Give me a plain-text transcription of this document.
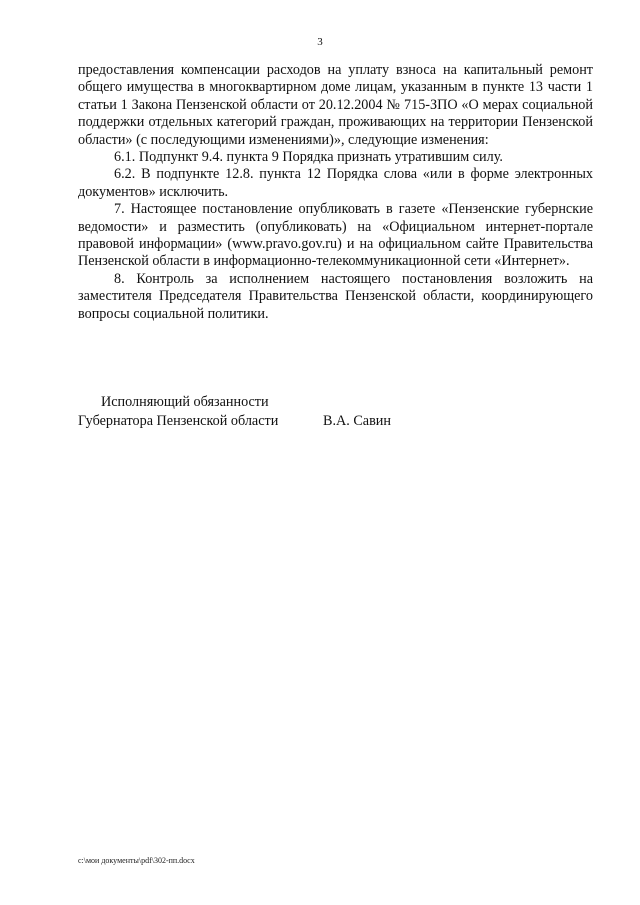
3

предоставления компенсации расходов на уплату взноса на капитальный ремонт общего имущества в многоквартирном доме лицам, указанным в пункте 13 части 1 статьи 1 Закона Пензенской области от 20.12.2004 № 715-ЗПО «О мерах социальной поддержки отдельных категорий граждан, проживающих на территории Пензенской области» (с последующими изменениями)», следующие изменения:

6.1. Подпункт 9.4. пункта 9 Порядка признать утратившим силу.

6.2. В подпункте 12.8. пункта 12 Порядка слова «или в форме электронных документов» исключить.

7. Настоящее постановление опубликовать в газете «Пензенские губернские ведомости» и разместить (опубликовать) на «Официальном интернет-портале правовой информации» (www.pravo.gov.ru) и на официальном сайте Правительства Пензенской области в информационно-телекоммуникационной сети «Интернет».

8. Контроль за исполнением настоящего постановления возложить на заместителя Председателя Правительства Пензенской области, координирующего вопросы социальной политики.

Исполняющий обязанности
Губернатора Пензенской области	В.А. Савин
c:\мои документы\pdf\302-пп.docx
